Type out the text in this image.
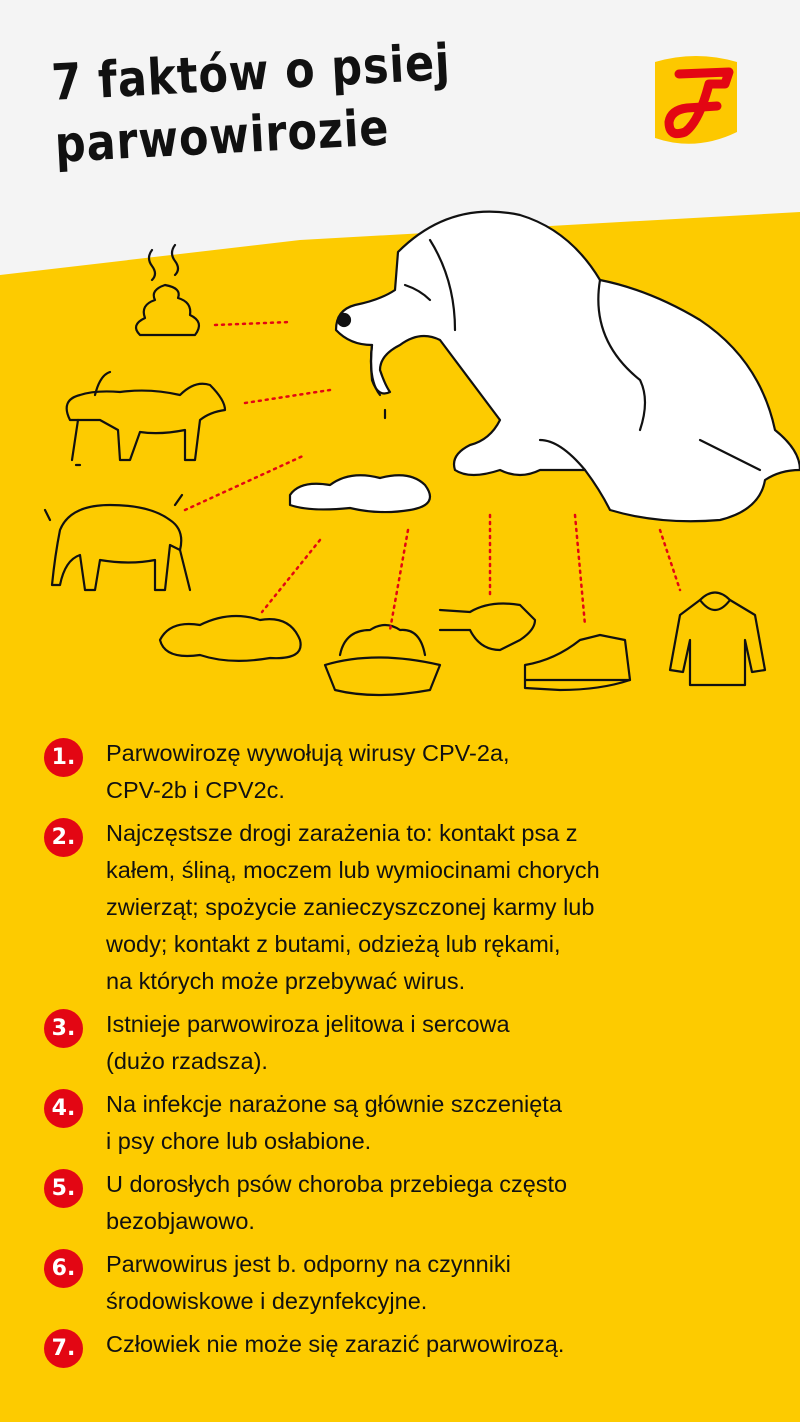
7 faktów o psiej
parwowirozie
1.	Parwowirozę wywołują wirusy CPV-2a,
CPV-2b i CPV2c.
2.	Najczęstsze drogi zarażenia to: kontakt psa z
kałem, śliną, moczem lub wymiocinami chorych
zwierząt; spożycie zanieczyszczonej karmy lub
wody; kontakt z butami, odzieżą lub rękami,
na których może przebywać wirus.
3.	Istnieje parwowiroza jelitowa i sercowa
(dużo rzadsza).
4.	Na infekcje narażone są głównie szczenięta
i psy chore lub osłabione.
5.	U dorosłych psów choroba przebiega często
bezobjawowo.
6.	Parwowirus jest b. odporny na czynniki
środowiskowe i dezynfekcyjne.
7.	Człowiek nie może się zarazić parwowirozą.
